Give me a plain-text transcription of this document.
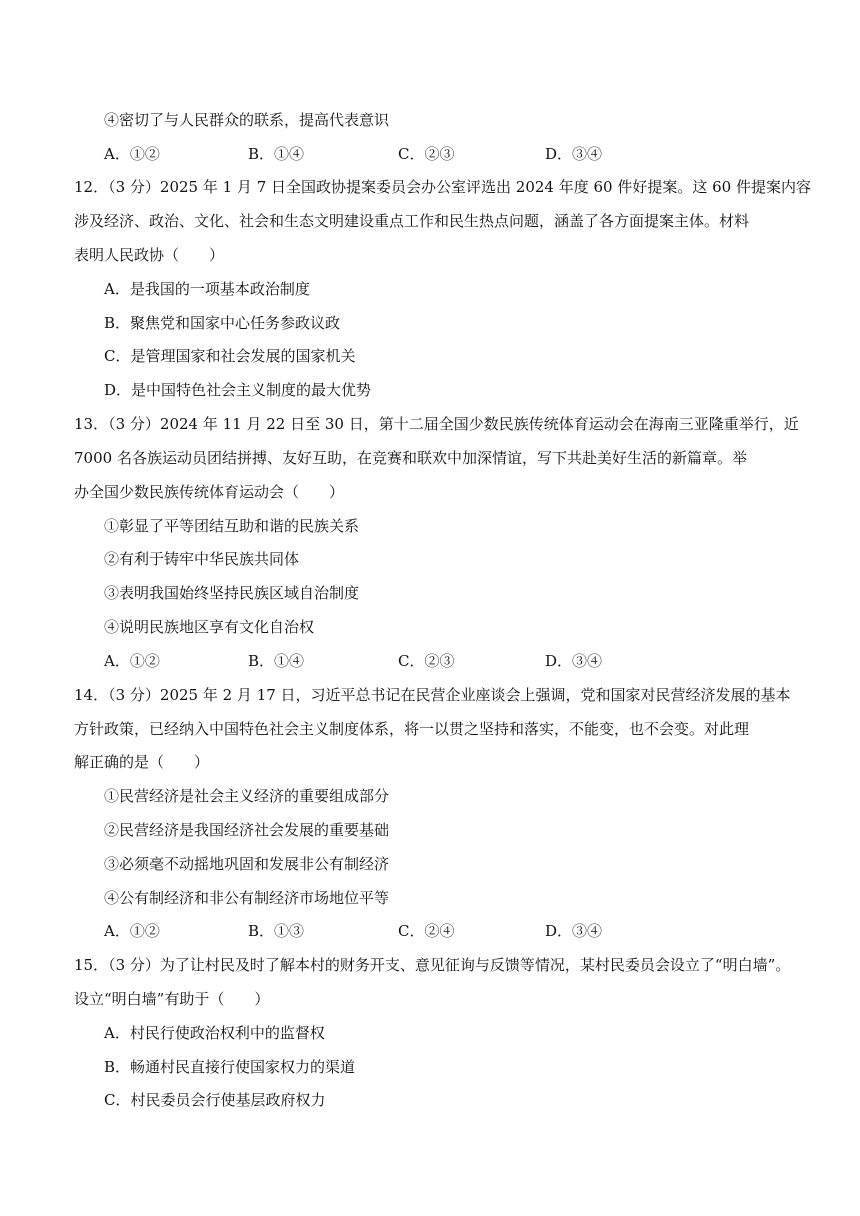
④密切了与人民群众的联系，提高代表意识
A．①②	B．①④	C．②③	D．③④
12．（3 分）2025 年 1 月 7 日全国政协提案委员会办公室评选出 2024 年度 60 件好提案。这 60 件提案内容
涉及经济、政治、文化、社会和生态文明建设重点工作和民生热点问题，涵盖了各方面提案主体。材料
表明人民政协（　　）
A．是我国的一项基本政治制度
B．聚焦党和国家中心任务参政议政
C．是管理国家和社会发展的国家机关
D．是中国特色社会主义制度的最大优势
13．（3 分）2024 年 11 月 22 日至 30 日，第十二届全国少数民族传统体育运动会在海南三亚隆重举行，近
7000 名各族运动员团结拼搏、友好互助，在竞赛和联欢中加深情谊，写下共赴美好生活的新篇章。举
办全国少数民族传统体育运动会（　　）
①彰显了平等团结互助和谐的民族关系
②有利于铸牢中华民族共同体
③表明我国始终坚持民族区域自治制度
④说明民族地区享有文化自治权
A．①②	B．①④	C．②③	D．③④
14．（3 分）2025 年 2 月 17 日，习近平总书记在民营企业座谈会上强调，党和国家对民营经济发展的基本
方针政策，已经纳入中国特色社会主义制度体系，将一以贯之坚持和落实，不能变，也不会变。对此理
解正确的是（　　）
①民营经济是社会主义经济的重要组成部分
②民营经济是我国经济社会发展的重要基础
③必须毫不动摇地巩固和发展非公有制经济
④公有制经济和非公有制经济市场地位平等
A．①②	B．①③	C．②④	D．③④
15．（3 分）为了让村民及时了解本村的财务开支、意见征询与反馈等情况，某村民委员会设立了“明白墙”。
设立“明白墙”有助于（　　）
A．村民行使政治权利中的监督权
B．畅通村民直接行使国家权力的渠道
C．村民委员会行使基层政府权力
